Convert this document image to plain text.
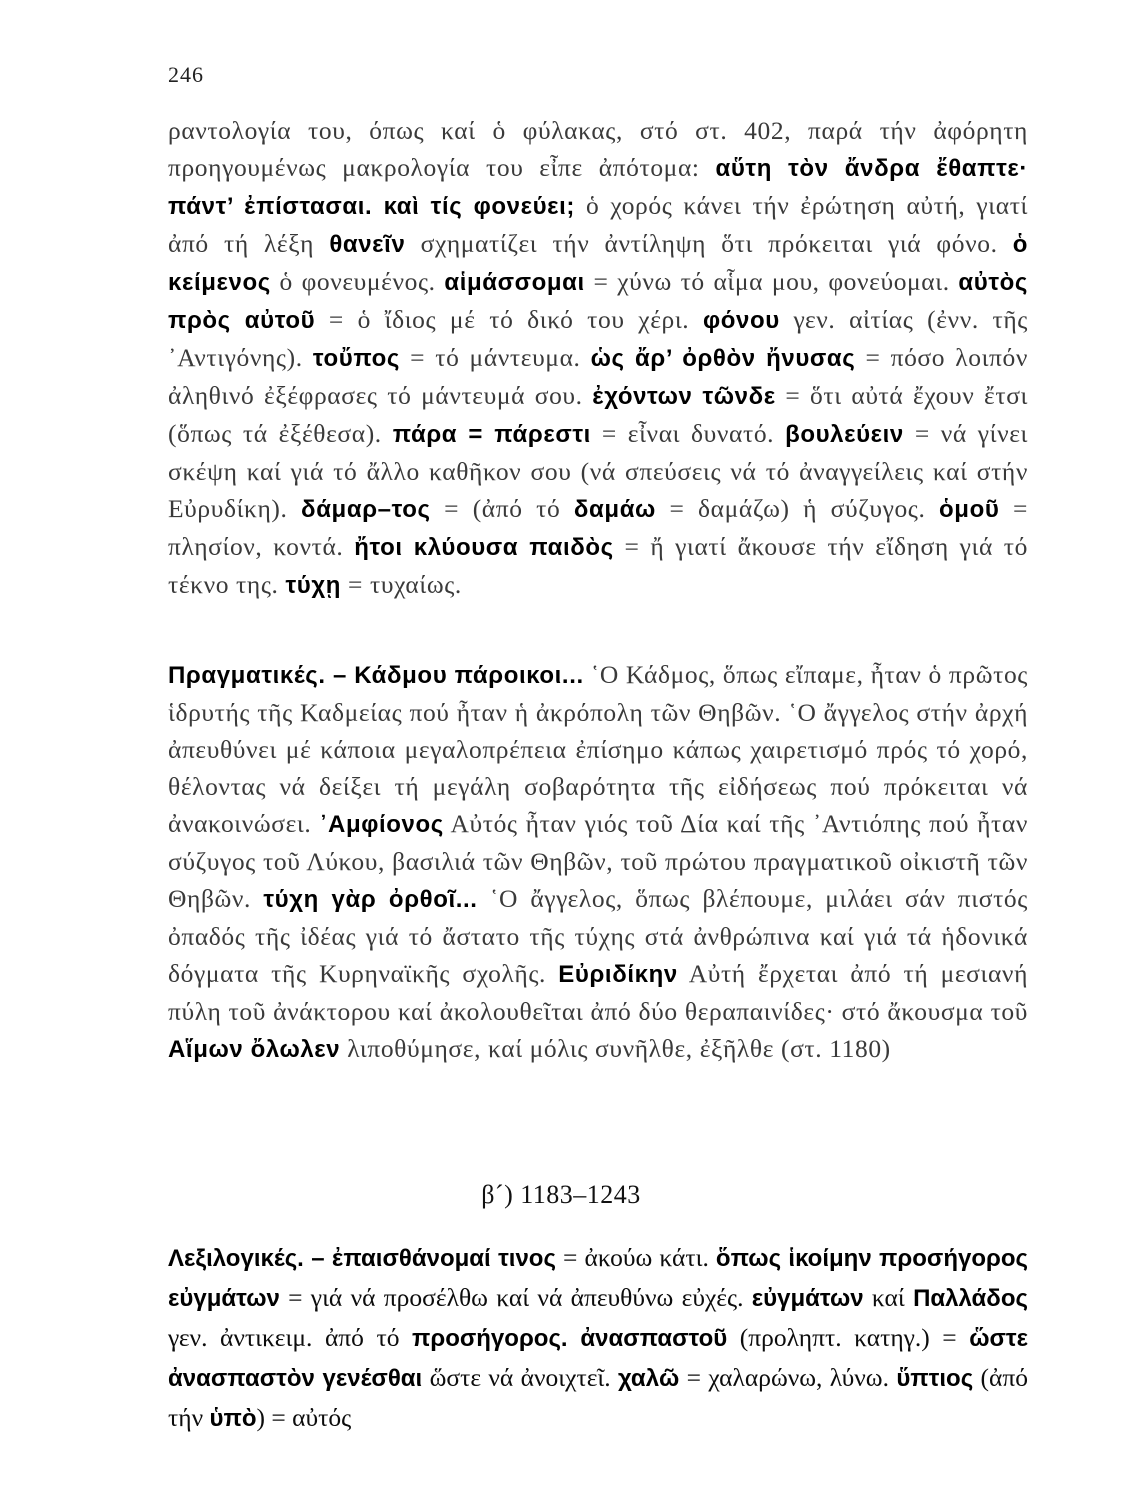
246

ραντολογία του, όπως καί ὁ φύλακας, στό στ. 402, παρά τήν ἀφόρητη προηγουμένως μακρολογία του εἶπε ἀπότομα: αὕτη τὸν ἄνδρα ἔθαπτε· πάντ’ ἐπίστασαι. καὶ τίς φονεύει; ὁ χορός κάνει τήν ἐρώτηση αὐτή, γιατί ἀπό τή λέξη θανεῖν σχηματίζει τήν ἀντίληψη ὅτι πρόκειται γιά φόνο. ὁ κείμενος ὁ φονευμένος. αἱμάσσομαι = χύνω τό αἷμα μου, φονεύομαι. αὐτὸς πρὸς αὐτοῦ = ὁ ἴδιος μέ τό δικό του χέρι. φόνου γεν. αἰτίας (ἐνν. τῆς ᾿Αντιγόνης). τοὔπος = τό μάντευμα. ὡς ἄρ’ ὀρθὸν ἤνυσας = πόσο λοιπόν ἀληθινό ἐξέφρασες τό μάντευμά σου. ἐχόντων τῶνδε = ὅτι αὐτά ἔχουν ἔτσι (ὅπως τά ἐξέθεσα). πάρα = πάρεστι = εἶναι δυνατό. βουλεύειν = νά γίνει σκέψη καί γιά τό ἄλλο καθῆκον σου (νά σπεύσεις νά τό ἀναγγείλεις καί στήν Εὐρυδίκη). δάμαρ–τος = (ἀπό τό δαμάω = δαμάζω) ἡ σύζυγος. ὁμοῦ = πλησίον, κοντά. ἤτοι κλύουσα παιδὸς = ἤ γιατί ἄκουσε τήν εἴδηση γιά τό τέκνο της. τύχῃ = τυχαίως.

Πραγματικές. – Κάδμου πάροικοι... ῾Ο Κάδμος, ὅπως εἴπαμε, ἦταν ὁ πρῶτος ἱδρυτής τῆς Καδμείας πού ἦταν ἡ ἀκρόπολη τῶν Θηβῶν. ῾Ο ἄγγελος στήν ἀρχή ἀπευθύνει μέ κάποια μεγαλοπρέπεια ἐπίσημο κάπως χαιρετισμό πρός τό χορό, θέλοντας νά δείξει τή μεγάλη σοβαρότητα τῆς εἰδήσεως πού πρόκειται νά ἀνακοινώσει. ᾿Αμφίονος Αὐτός ἦταν γιός τοῦ Δία καί τῆς ᾿Αντιόπης πού ἦταν σύζυγος τοῦ Λύκου, βασιλιά τῶν Θηβῶν, τοῦ πρώτου πραγματικοῦ οἰκιστῆ τῶν Θηβῶν. τύχη γὰρ ὀρθοῖ... ῾Ο ἄγγελος, ὅπως βλέπουμε, μιλάει σάν πιστός ὀπαδός τῆς ἰδέας γιά τό ἄστατο τῆς τύχης στά ἀνθρώπινα καί γιά τά ἡδονικά δόγματα τῆς Κυρηναϊκῆς σχολῆς. Εὐριδίκην Αὐτή ἔρχεται ἀπό τή μεσιανή πύλη τοῦ ἀνάκτορου καί ἀκολουθεῖται ἀπό δύο θεραπαινίδες· στό ἄκουσμα τοῦ Αἵμων ὄλωλεν λιποθύμησε, καί μόλις συνῆλθε, ἐξῆλθε (στ. 1180)

β´) 1183–1243

Λεξιλογικές. – ἐπαισθάνομαί τινος = ἀκούω κάτι. ὅπως ἱκοίμην προσήγορος εὐγμάτων = γιά νά προσέλθω καί νά ἀπευθύνω εὐχές. εὐγμάτων καί Παλλάδος γεν. ἀντικειμ. ἀπό τό προσήγορος. ἀνασπαστοῦ (προληπτ. κατηγ.) = ὥστε ἀνασπαστὸν γενέσθαι ὥστε νά ἀνοιχτεῖ. χαλῶ = χαλαρώνω, λύνω. ὕπτιος (ἀπό τήν ὑπὸ) = αὐτός
